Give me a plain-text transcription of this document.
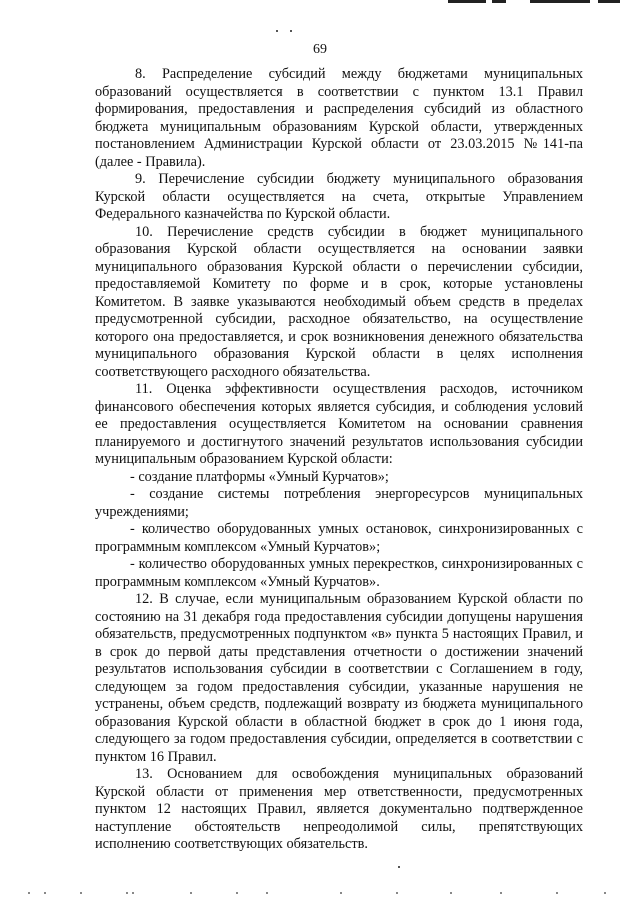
69

8. Распределение субсидий между бюджетами муниципальных образований осуществляется в соответствии с пунктом 13.1 Правил формирования, предоставления и распределения субсидий из областного бюджета муниципальным образованиям Курской области, утвержденных постановлением Администрации Курской области от 23.03.2015 №141-па (далее - Правила).

9. Перечисление субсидии бюджету муниципального образования Курской области осуществляется на счета, открытые Управлением Федерального казначейства по Курской области.

10. Перечисление средств субсидии в бюджет муниципального образования Курской области осуществляется на основании заявки муниципального образования Курской области о перечислении субсидии, предоставляемой Комитету по форме и в срок, которые установлены Комитетом. В заявке указываются необходимый объем средств в пределах предусмотренной субсидии, расходное обязательство, на осуществление которого она предоставляется, и срок возникновения денежного обязательства муниципального образования Курской области в целях исполнения соответствующего расходного обязательства.

11. Оценка эффективности осуществления расходов, источником финансового обеспечения которых является субсидия, и соблюдения условий ее предоставления осуществляется Комитетом на основании сравнения планируемого и достигнутого значений результатов использования субсидии муниципальным образованием Курской области:

- создание платформы «Умный Курчатов»;

- создание системы потребления энергоресурсов муниципальных учреждениями;

- количество оборудованных умных остановок, синхронизированных с программным комплексом «Умный Курчатов»;

- количество оборудованных умных перекрестков, синхронизированных с программным комплексом «Умный Курчатов».

12. В случае, если муниципальным образованием Курской области по состоянию на 31 декабря года предоставления субсидии допущены нарушения обязательств, предусмотренных подпунктом «в» пункта 5 настоящих Правил, и в срок до первой даты представления отчетности о достижении значений результатов использования субсидии в соответствии с Соглашением в году, следующем за годом предоставления субсидии, указанные нарушения не устранены, объем средств, подлежащий возврату из бюджета муниципального образования Курской области в областной бюджет в срок до 1 июня года, следующего за годом предоставления субсидии, определяется в соответствии с пунктом 16 Правил.

13. Основанием для освобождения муниципальных образований Курской области от применения мер ответственности, предусмотренных пунктом 12 настоящих Правил, является документально подтвержденное наступление обстоятельств непреодолимой силы, препятствующих исполнению соответствующих обязательств.
